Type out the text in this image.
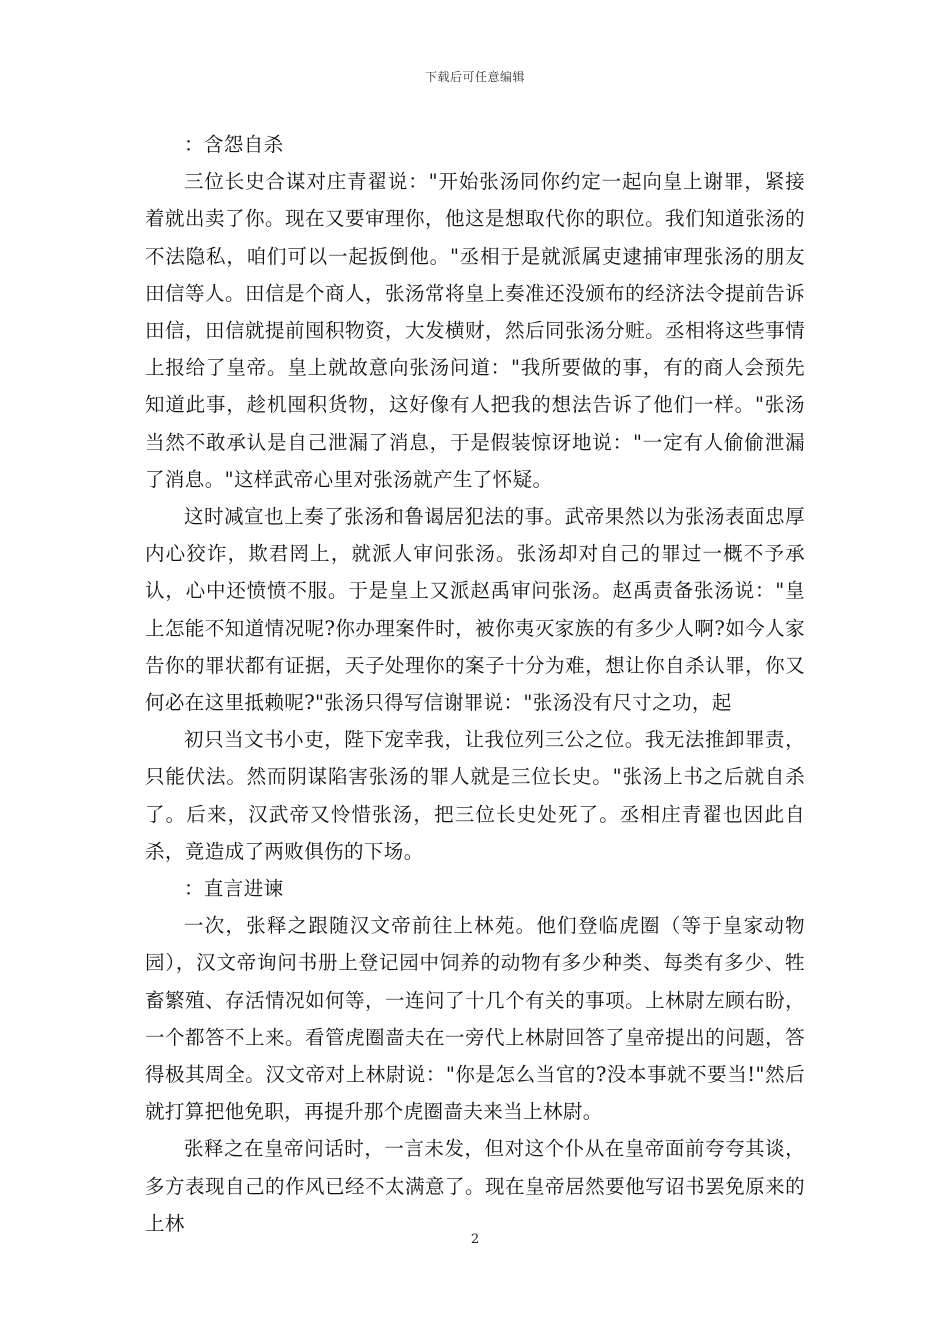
下载后可任意编辑

：含怨自杀

三位长史合谋对庄青翟说："开始张汤同你约定一起向皇上谢罪，紧接着就出卖了你。现在又要审理你，他这是想取代你的职位。我们知道张汤的不法隐私，咱们可以一起扳倒他。"丞相于是就派属吏逮捕审理张汤的朋友田信等人。田信是个商人，张汤常将皇上奏准还没颁布的经济法令提前告诉田信，田信就提前囤积物资，大发横财，然后同张汤分赃。丞相将这些事情上报给了皇帝。皇上就故意向张汤问道："我所要做的事，有的商人会预先知道此事，趁机囤积货物，这好像有人把我的想法告诉了他们一样。"张汤当然不敢承认是自己泄漏了消息，于是假装惊讶地说："一定有人偷偷泄漏了消息。"这样武帝心里对张汤就产生了怀疑。

这时减宣也上奏了张汤和鲁谒居犯法的事。武帝果然以为张汤表面忠厚内心狡诈，欺君罔上，就派人审问张汤。张汤却对自己的罪过一概不予承认，心中还愤愤不服。于是皇上又派赵禹审问张汤。赵禹责备张汤说："皇上怎能不知道情况呢?你办理案件时，被你夷灭家族的有多少人啊?如今人家告你的罪状都有证据，天子处理你的案子十分为难，想让你自杀认罪，你又何必在这里抵赖呢?"张汤只得写信谢罪说："张汤没有尺寸之功，起

初只当文书小吏，陛下宠幸我，让我位列三公之位。我无法推卸罪责，只能伏法。然而阴谋陷害张汤的罪人就是三位长史。"张汤上书之后就自杀了。后来，汉武帝又怜惜张汤，把三位长史处死了。丞相庄青翟也因此自杀，竟造成了两败俱伤的下场。

：直言进谏

一次，张释之跟随汉文帝前往上林苑。他们登临虎圈（等于皇家动物园），汉文帝询问书册上登记园中饲养的动物有多少种类、每类有多少、牲畜繁殖、存活情况如何等，一连问了十几个有关的事项。上林尉左顾右盼，一个都答不上来。看管虎圈啬夫在一旁代上林尉回答了皇帝提出的问题，答得极其周全。汉文帝对上林尉说："你是怎么当官的?没本事就不要当!"然后就打算把他免职，再提升那个虎圈啬夫来当上林尉。

张释之在皇帝问话时，一言未发，但对这个仆从在皇帝面前夸夸其谈，多方表现自己的作风已经不太满意了。现在皇帝居然要他写诏书罢免原来的上林

2
